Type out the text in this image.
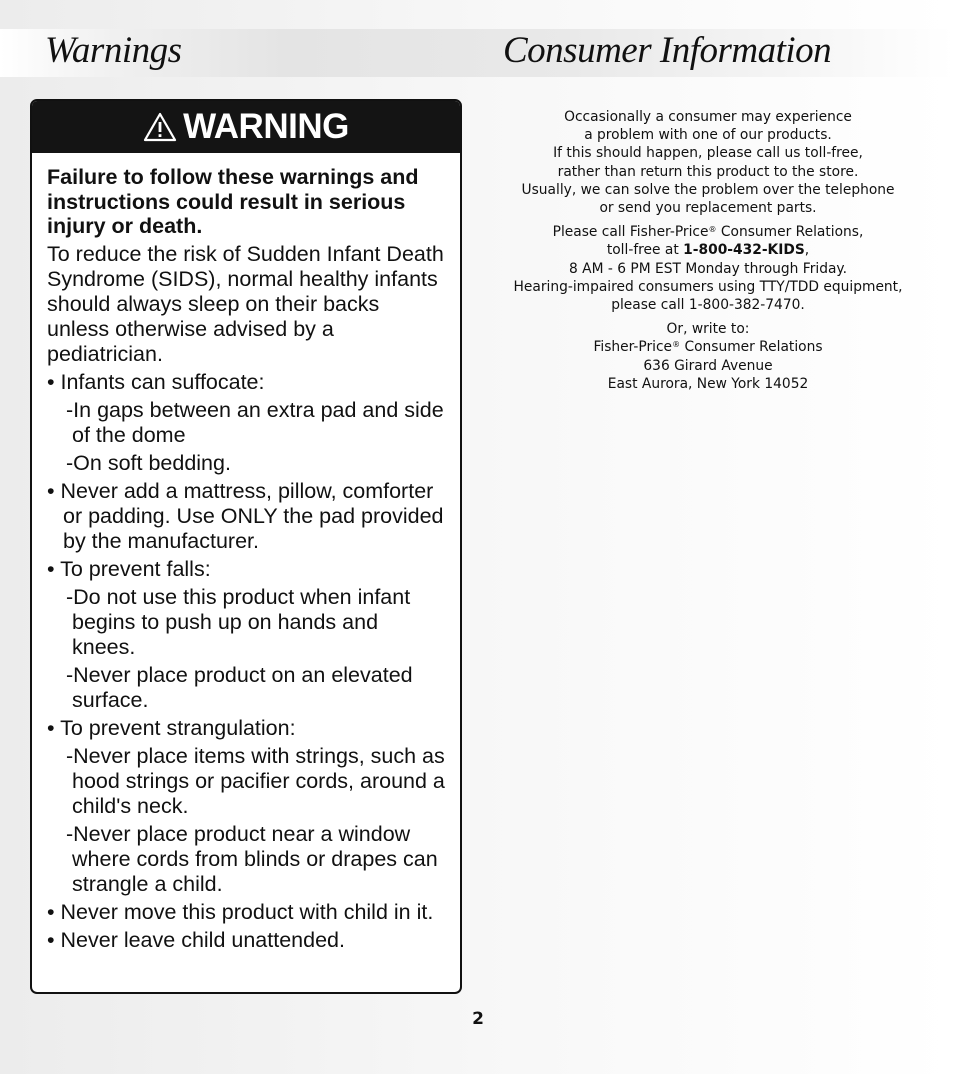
Warnings	Consumer Information
WARNING

Failure to follow these warnings and instructions could result in serious injury or death.

To reduce the risk of Sudden Infant Death Syndrome (SIDS), normal healthy infants should always sleep on their backs unless otherwise advised by a pediatrician.

• Infants can suffocate:

-In gaps between an extra pad and side of the dome

-On soft bedding.

• Never add a mattress, pillow, comforter or padding. Use ONLY the pad provided by the manufacturer.

• To prevent falls:

-Do not use this product when infant begins to push up on hands and knees.

-Never place product on an elevated surface.

• To prevent strangulation:

-Never place items with strings, such as hood strings or pacifier cords, around a child's neck.

-Never place product near a window where cords from blinds or drapes can strangle a child.

• Never move this product with child in it.

• Never leave child unattended.

Occasionally a consumer may experience
a problem with one of our products.
If this should happen, please call us toll-free,
rather than return this product to the store.
Usually, we can solve the problem over the telephone
or send you replacement parts.

Please call Fisher-Price® Consumer Relations,
toll-free at 1-800-432-KIDS,
8 AM - 6 PM EST Monday through Friday.
Hearing-impaired consumers using TTY/TDD equipment,
please call 1-800-382-7470.

Or, write to:
Fisher-Price® Consumer Relations
636 Girard Avenue
East Aurora, New York 14052

2
